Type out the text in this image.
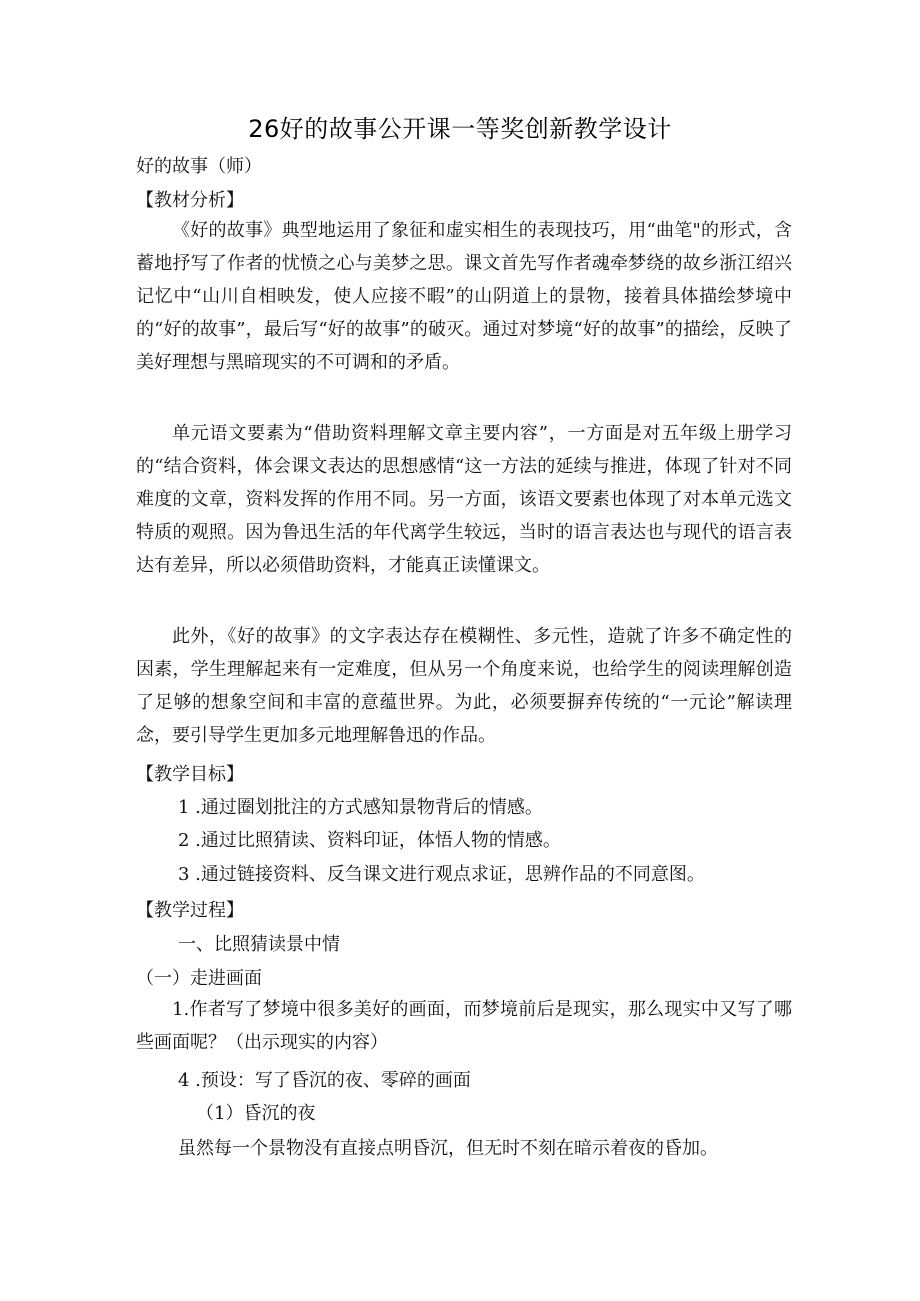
26好的故事公开课一等奖创新教学设计
好的故事（师）
【教材分析】

《好的故事》典型地运用了象征和虚实相生的表现技巧，用“曲笔"的形式，含蓄地抒写了作者的忧愤之心与美梦之思。课文首先写作者魂牵梦绕的故乡浙江绍兴记忆中“山川自相映发，使人应接不暇”的山阴道上的景物，接着具体描绘梦境中的“好的故事”，最后写“好的故事”的破灭。通过对梦境“好的故事”的描绘，反映了美好理想与黑暗现实的不可调和的矛盾。

单元语文要素为“借助资料理解文章主要内容”，一方面是对五年级上册学习的“结合资料，体会课文表达的思想感情“这一方法的延续与推进，体现了针对不同难度的文章，资料发挥的作用不同。另一方面，该语文要素也体现了对本单元选文特质的观照。因为鲁迅生活的年代离学生较远，当时的语言表达也与现代的语言表达有差异，所以必须借助资料，才能真正读懂课文。

此外，《好的故事》的文字表达存在模糊性、多元性，造就了许多不确定性的因素，学生理解起来有一定难度，但从另一个角度来说，也给学生的阅读理解创造了足够的想象空间和丰富的意蕴世界。为此，必须要摒弃传统的“一元论”解读理念，要引导学生更加多元地理解鲁迅的作品。

【教学目标】
1 .通过圈划批注的方式感知景物背后的情感。
2 .通过比照猜读、资料印证，体悟人物的情感。
3 .通过链接资料、反刍课文进行观点求证，思辨作品的不同意图。
【教学过程】
一、比照猜读景中情
（一）走进画面

1.作者写了梦境中很多美好的画面，而梦境前后是现实，那么现实中又写了哪些画面呢？（出示现实的内容）

4 .预设：写了昏沉的夜、零碎的画面
（1）昏沉的夜
虽然每一个景物没有直接点明昏沉，但无时不刻在暗示着夜的昏加。
